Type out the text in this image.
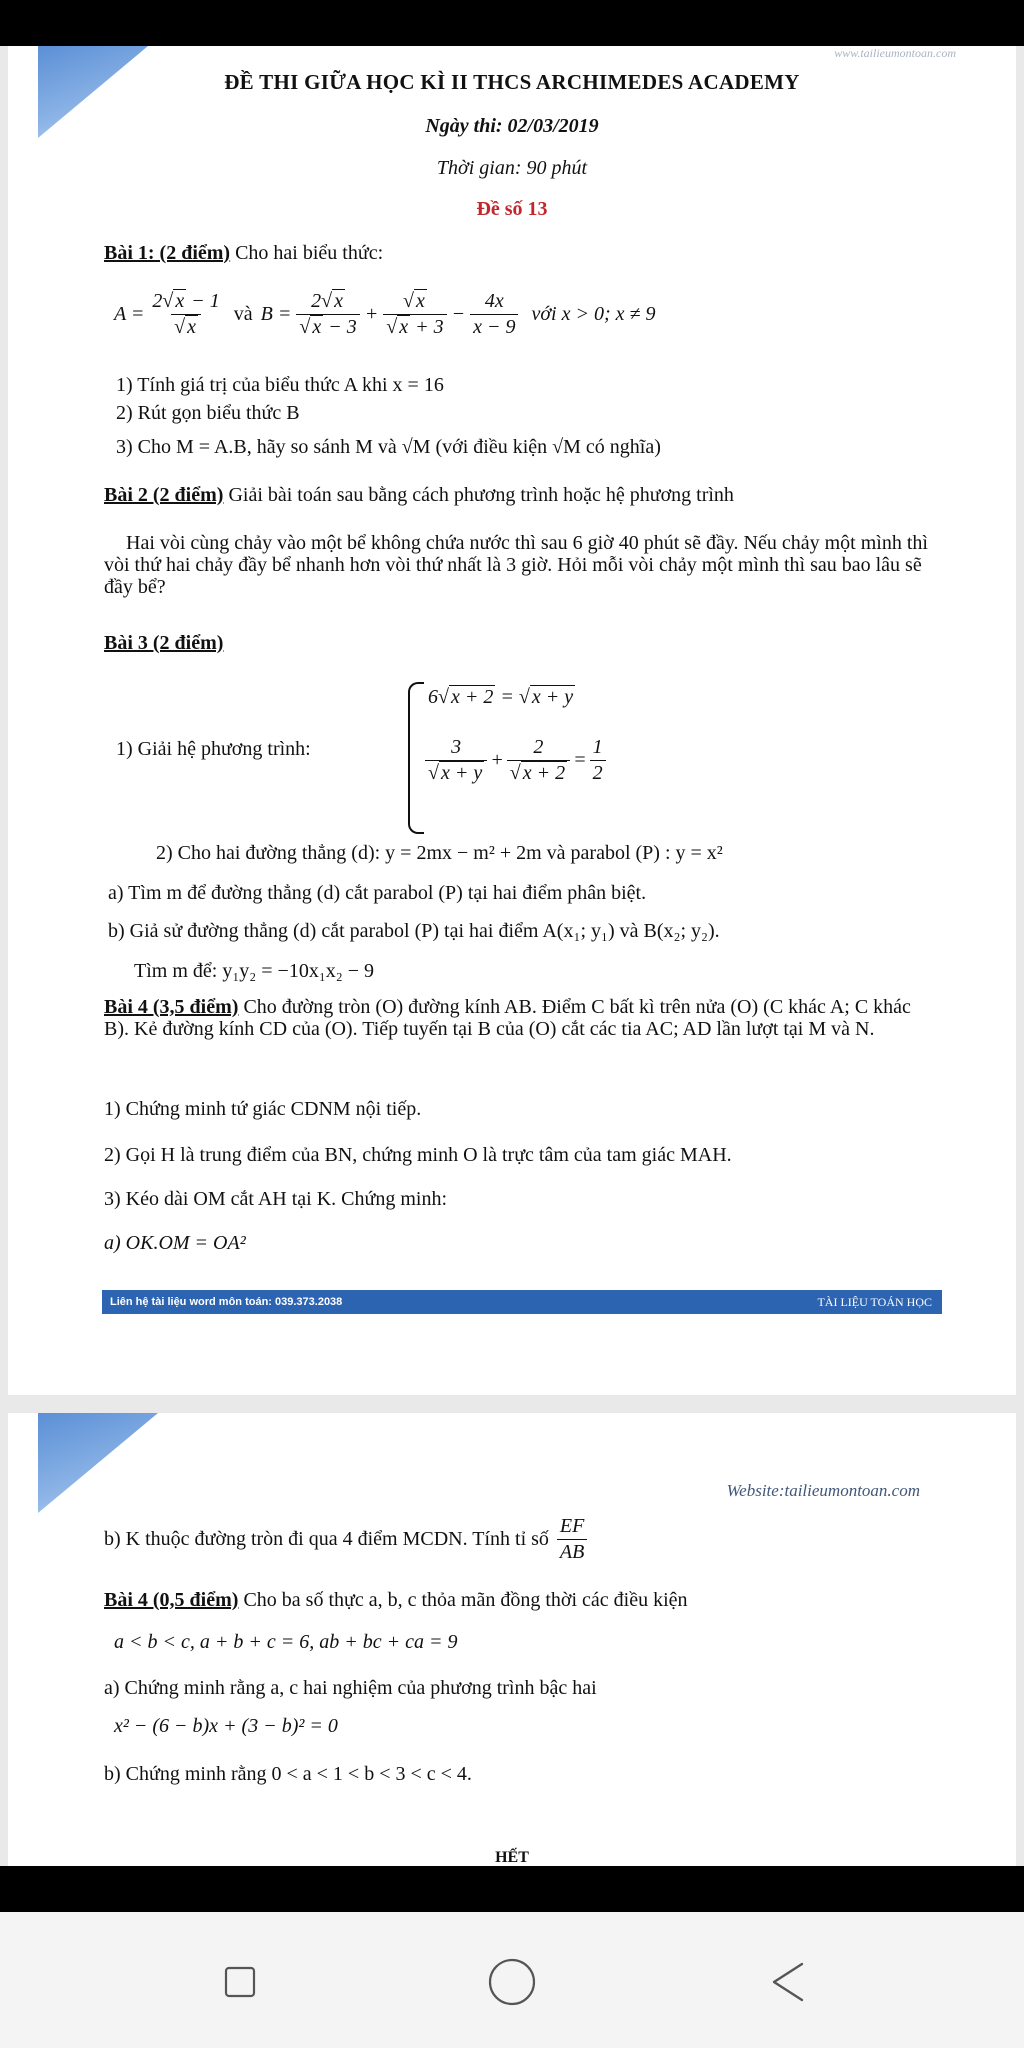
www.tailieumontoan.com
ĐỀ THI GIỮA HỌC KÌ II THCS ARCHIMEDES ACADEMY
Ngày thi: 02/03/2019
Thời gian: 90 phút
Đề số 13
Bài 1: (2 điểm) Cho hai biểu thức:
$A = \frac{2√ x - 1}{√ x}$ và $B = \frac{2√ x}{√ x - 3} + \frac{√ x}{√ x + 3} - \frac{4x}{x - 9}$ với x > 0; x ≠ 9
1) Tính giá trị của biểu thức A khi x = 16
2) Rút gọn biểu thức B
3) Cho M = A.B, hãy so sánh M và √M (với điều kiện √M có nghĩa)
Bài 2 (2 điểm) Giải bài toán sau bằng cách phương trình hoặc hệ phương trình
Hai vòi cùng chảy vào một bể không chứa nước thì sau 6 giờ 40 phút sẽ đầy. Nếu chảy một mình thì vòi thứ hai chảy đầy bể nhanh hơn vòi thứ nhất là 3 giờ. Hỏi mỗi vòi chảy một mình thì sau bao lâu sẽ đầy bể?
Bài 3 (2 điểm)
1) Giải hệ phương trình:
6√ x + 2 = √ x + y
$\frac{3}{√ x + y} + \frac{2}{√ x + 2} = \frac{1}{2}$
2) Cho hai đường thẳng (d): y = 2mx − m² + 2m và parabol (P) : y = x²
a) Tìm m để đường thẳng (d) cắt parabol (P) tại hai điểm phân biệt.
b) Giả sử đường thẳng (d) cắt parabol (P) tại hai điểm A(x₁; y₁) và B(x₂; y₂).
Tìm m để: y₁y₂ = −10x₁x₂ − 9
Bài 4 (3,5 điểm) Cho đường tròn (O) đường kính AB. Điểm C bất kì trên nửa (O) (C khác A; C khác B). Kẻ đường kính CD của (O). Tiếp tuyến tại B của (O) cắt các tia AC; AD lần lượt tại M và N.
1) Chứng minh tứ giác CDNM nội tiếp.
2) Gọi H là trung điểm của BN, chứng minh O là trực tâm của tam giác MAH.
3) Kéo dài OM cắt AH tại K. Chứng minh:
a) OK.OM = OA²
Liên hệ tài liệu word môn toán: 039.373.2038	TÀI LIỆU TOÁN HỌC
Website:tailieumontoan.com
b) K thuộc đường tròn đi qua 4 điểm MCDN. Tính tỉ số $\frac{EF}{AB}$
Bài 4 (0,5 điểm) Cho ba số thực a, b, c thỏa mãn đồng thời các điều kiện
a < b < c, a + b + c = 6, ab + bc + ca = 9
a) Chứng minh rằng a, c hai nghiệm của phương trình bậc hai
x² − (6 − b)x + (3 − b)² = 0
b) Chứng minh rằng 0 < a < 1 < b < 3 < c < 4.
HẾT
